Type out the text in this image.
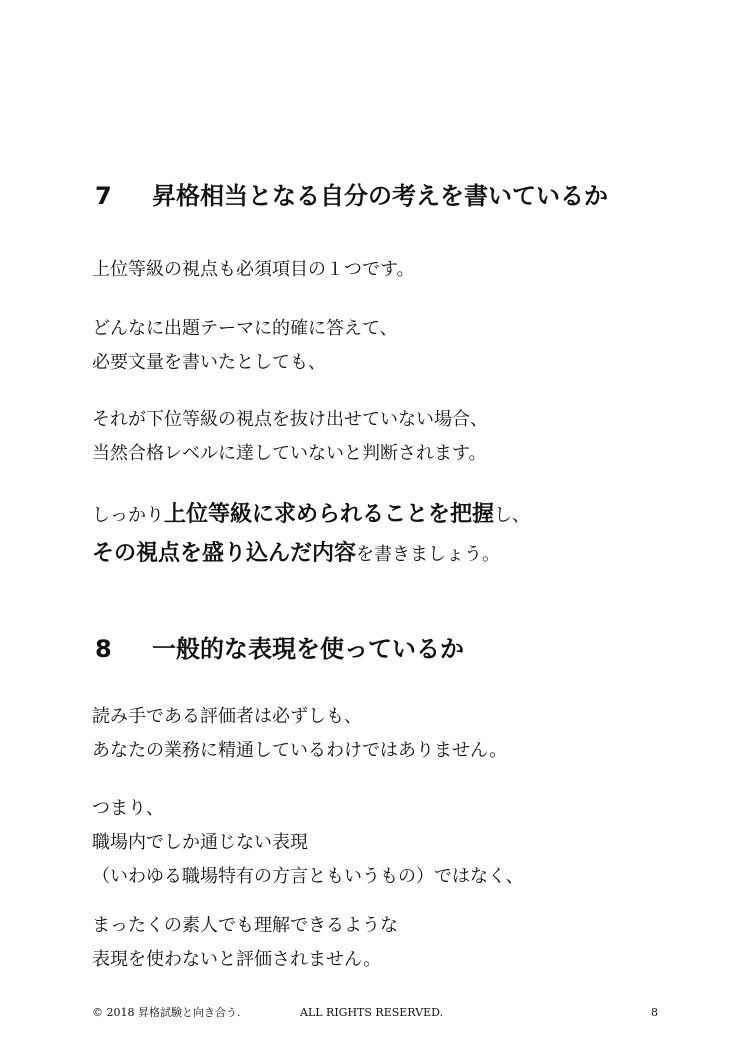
7 昇格相当となる自分の考えを書いているか

上位等級の視点も必須項目の１つです。

どんなに出題テーマに的確に答えて、
必要文量を書いたとしても、

それが下位等級の視点を抜け出せていない場合、
当然合格レベルに達していないと判断されます。

しっかり上位等級に求められることを把握し、
その視点を盛り込んだ内容を書きましょう。

8 一般的な表現を使っているか

読み手である評価者は必ずしも、
あなたの業務に精通しているわけではありません。

つまり、
職場内でしか通じない表現
（いわゆる職場特有の方言ともいうもの）ではなく、

まったくの素人でも理解できるような
表現を使わないと評価されません。

© 2018 昇格試験と向き合う.	ALL RIGHTS RESERVED.	8
